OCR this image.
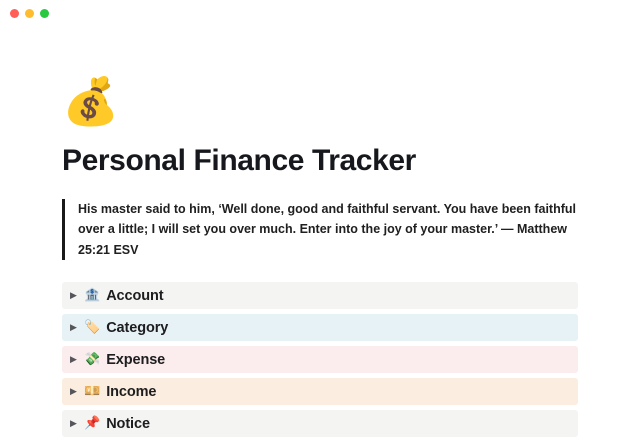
💰
Personal Finance Tracker
His master said to him, ‘Well done, good and faithful servant. You have been faithful over a little; I will set you over much. Enter into the joy of your master.’ — Matthew 25:21 ESV
▶ 🏦 Account
▶ 🏷️ Category
▶ 💸 Expense
▶ 💴 Income
▶ 📌 Notice
